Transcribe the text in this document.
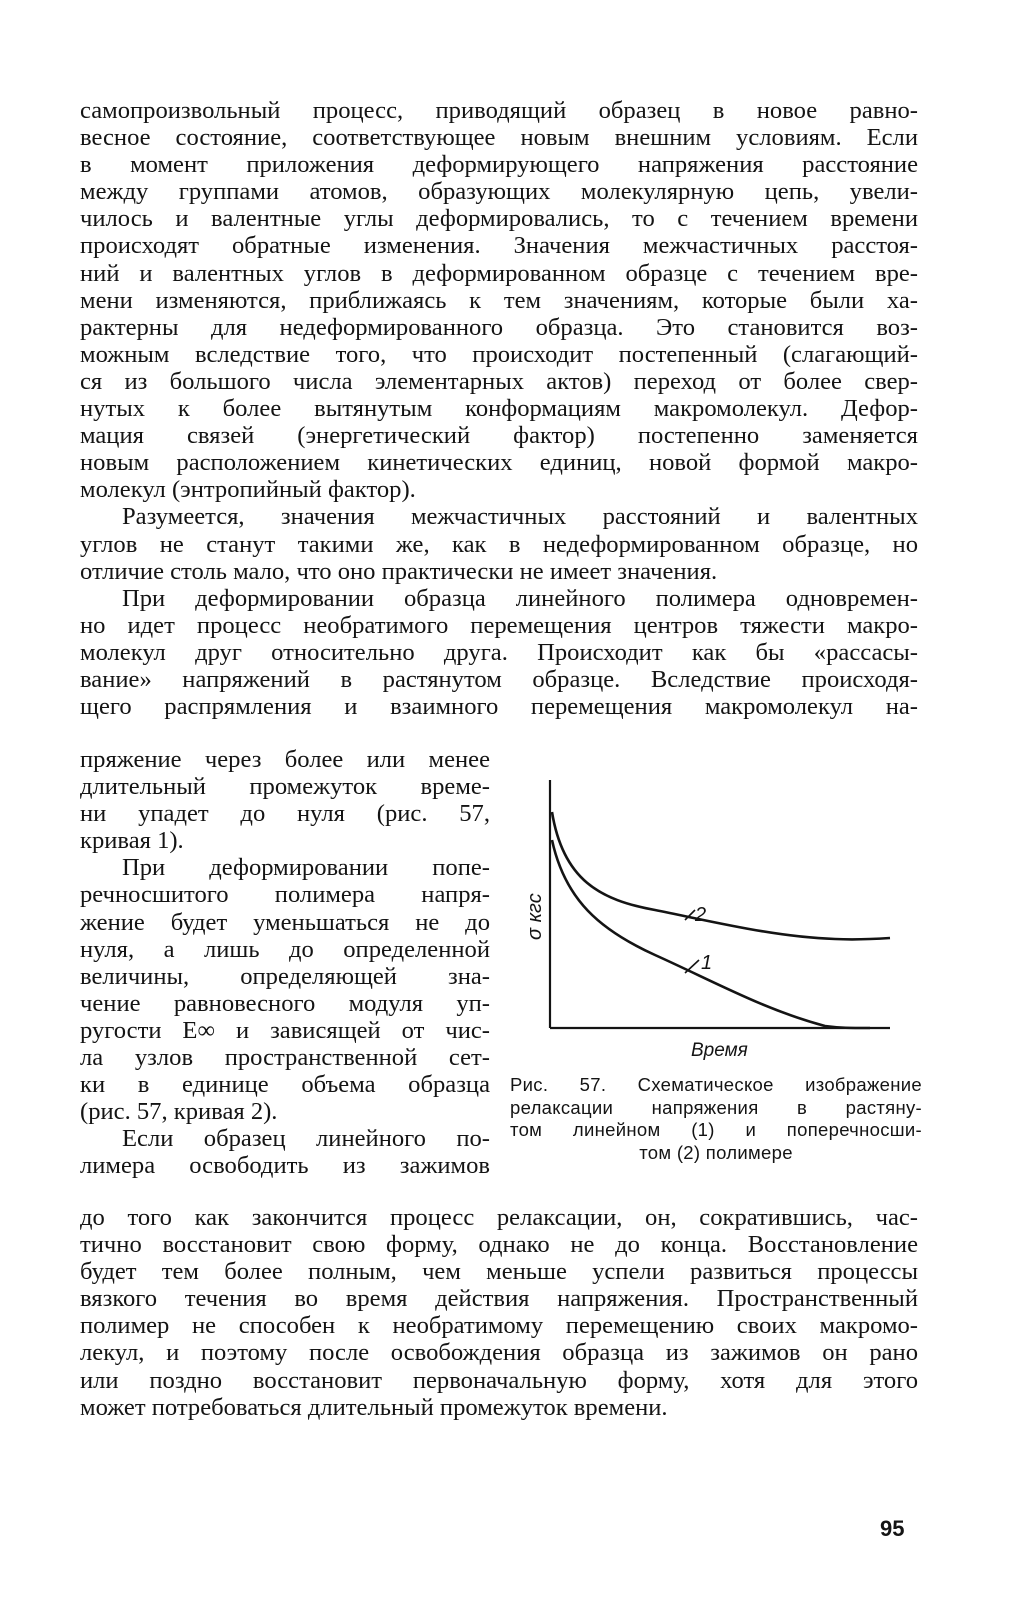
самопроизвольный процесс, приводящий образец в новое равно-
весное состояние, соответствующее новым внешним условиям. Если
в момент приложения деформирующего напряжения расстояние
между группами атомов, образующих молекулярную цепь, увели-
чилось и валентные углы деформировались, то с течением времени
происходят обратные изменения. Значения межчастичных расстоя-
ний и валентных углов в деформированном образце с течением вре-
мени изменяются, приближаясь к тем значениям, которые были ха-
рактерны для недеформированного образца. Это становится воз-
можным вследствие того, что происходит постепенный (слагающий-
ся из большого числа элементарных актов) переход от более свер-
нутых к более вытянутым конформациям макромолекул. Дефор-
мация связей (энергетический фактор) постепенно заменяется
новым расположением кинетических единиц, новой формой макро-
молекул (энтропийный фактор).
Разумеется, значения межчастичных расстояний и валентных
углов не станут такими же, как в недеформированном образце, но
отличие столь мало, что оно практически не имеет значения.
При деформировании образца линейного полимера одновремен-
но идет процесс необратимого перемещения центров тяжести макро-
молекул друг относительно друга. Происходит как бы «рассасы-
вание» напряжений в растянутом образце. Вследствие происходя-
щего распрямления и взаимного перемещения макромолекул на-
пряжение через более или менее
длительный промежуток време-
ни упадет до нуля (рис. 57,
кривая 1).
При деформировании попе-
речносшитого полимера напря-
жение будет уменьшаться не до
нуля, а лишь до определенной
величины, определяющей зна-
чение равновесного модуля уп-
ругости E∞ и зависящей от чис-
ла узлов пространственной сет-
ки в единице объема образца
(рис. 57, кривая 2).
Если образец линейного по-
лимера освободить из зажимов
2
1
σ кгс
Время
Рис. 57. Схематическое изображение
релаксации напряжения в растяну-
том линейном (1) и поперечносши-
том (2) полимере
до того как закончится процесс релаксации, он, сократившись, час-
тично восстановит свою форму, однако не до конца. Восстановление
будет тем более полным, чем меньше успели развиться процессы
вязкого течения во время действия напряжения. Пространственный
полимер не способен к необратимому перемещению своих макромо-
лекул, и поэтому после освобождения образца из зажимов он рано
или поздно восстановит первоначальную форму, хотя для этого
может потребоваться длительный промежуток времени.
95
